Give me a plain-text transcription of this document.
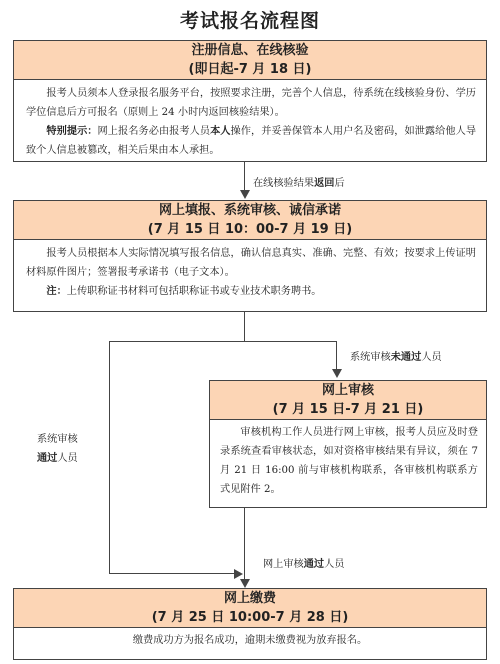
考试报名流程图
注册信息、在线核验
(即日起-7 月 18 日)
报考人员须本人登录报名服务平台，按照要求注册，完善个人信息，待系统在线核验身份、学历学位信息后方可报名（原则上 24 小时内返回核验结果）。
特别提示：网上报名务必由报考人员本人操作，并妥善保管本人用户名及密码，如泄露给他人导致个人信息被篡改，相关后果由本人承担。
在线核验结果返回后
网上填报、系统审核、诚信承诺
(7 月 15 日 10：00-7 月 19 日)
报考人员根据本人实际情况填写报名信息，确认信息真实、准确、完整、有效；按要求上传证明材料原件图片；签署报考承诺书（电子文本）。
注：上传职称证书材料可包括职称证书或专业技术职务聘书。
系统审核未通过人员
系统审核
通过人员
网上审核
(7 月 15 日-7 月 21 日)
审核机构工作人员进行网上审核，报考人员应及时登录系统查看审核状态，如对资格审核结果有异议，须在 7 月 21 日 16:00 前与审核机构联系，各审核机构联系方式见附件 2。
网上审核通过人员
网上缴费
(7 月 25 日 10:00-7 月 28 日)
缴费成功方为报名成功，逾期未缴费视为放弃报名。
